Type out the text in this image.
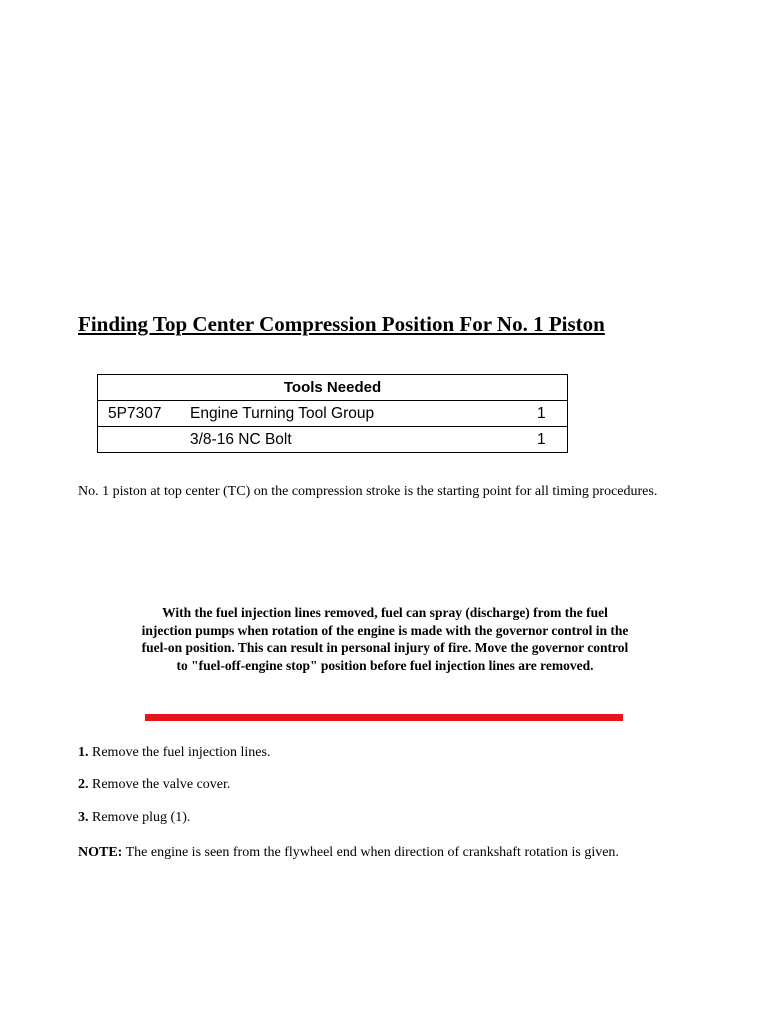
Finding Top Center Compression Position For No. 1 Piston
Tools Needed		
5P7307	Engine Turning Tool Group	1
	3/8-16 NC Bolt	1
No. 1 piston at top center (TC) on the compression stroke is the starting point for all timing procedures.
With the fuel injection lines removed, fuel can spray (discharge) from the fuel injection pumps when rotation of the engine is made with the governor control in the fuel-on position. This can result in personal injury of fire. Move the governor control to "fuel-off-engine stop" position before fuel injection lines are removed.
1. Remove the fuel injection lines.
2. Remove the valve cover.
3. Remove plug (1).
NOTE: The engine is seen from the flywheel end when direction of crankshaft rotation is given.
